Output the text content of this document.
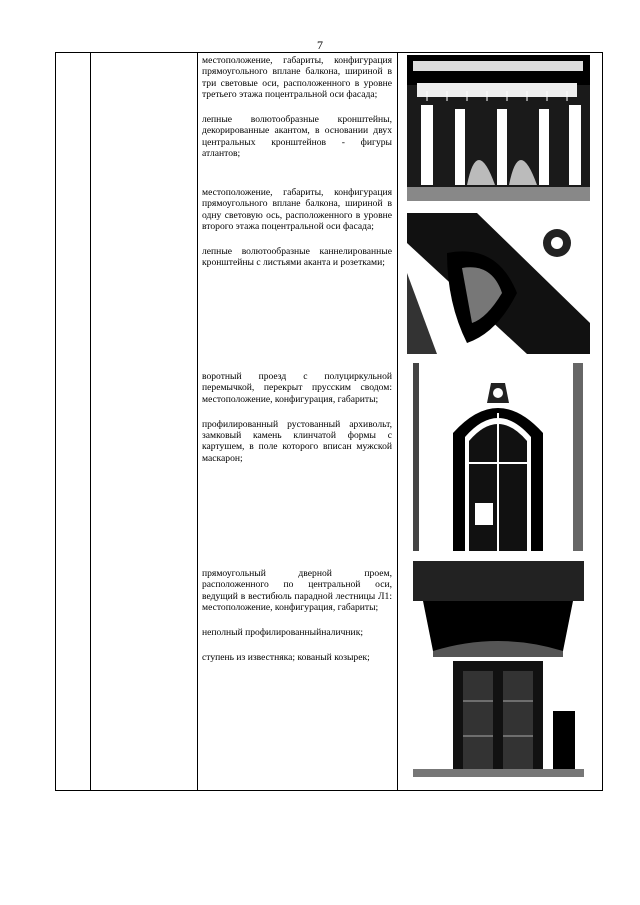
7

местоположение, габариты, конфигурация прямоугольного вплане балкона, шириной в три световые оси, расположенного в уровне третьего этажа поцентральной оси фасада;

лепные волютообразные кронштейны, декорированные акантом, в основании двух центральных кронштейнов - фигуры атлантов;

местоположение, габариты, конфигурация прямоугольного вплане балкона, шириной в одну световую ось, расположенного в уровне второго этажа поцентральной оси фасада;

лепные волютообразные каннелированные кронштейны с листьями аканта и розетками;

воротный проезд с полуциркульной перемычкой, перекрыт прусским сводом: местоположение, конфигурация, габариты;

профилированный рустованный архивольт, замковый камень клинчатой формы с картушем, в поле которого вписан мужской маскарон;

прямоугольный дверной проем, расположенного по центральной оси, ведущий в вестибюль парадной лестницы Л1: местоположение, конфигурация, габариты;

неполный профилированныйналичник;

ступень из известняка; кованый козырек;
